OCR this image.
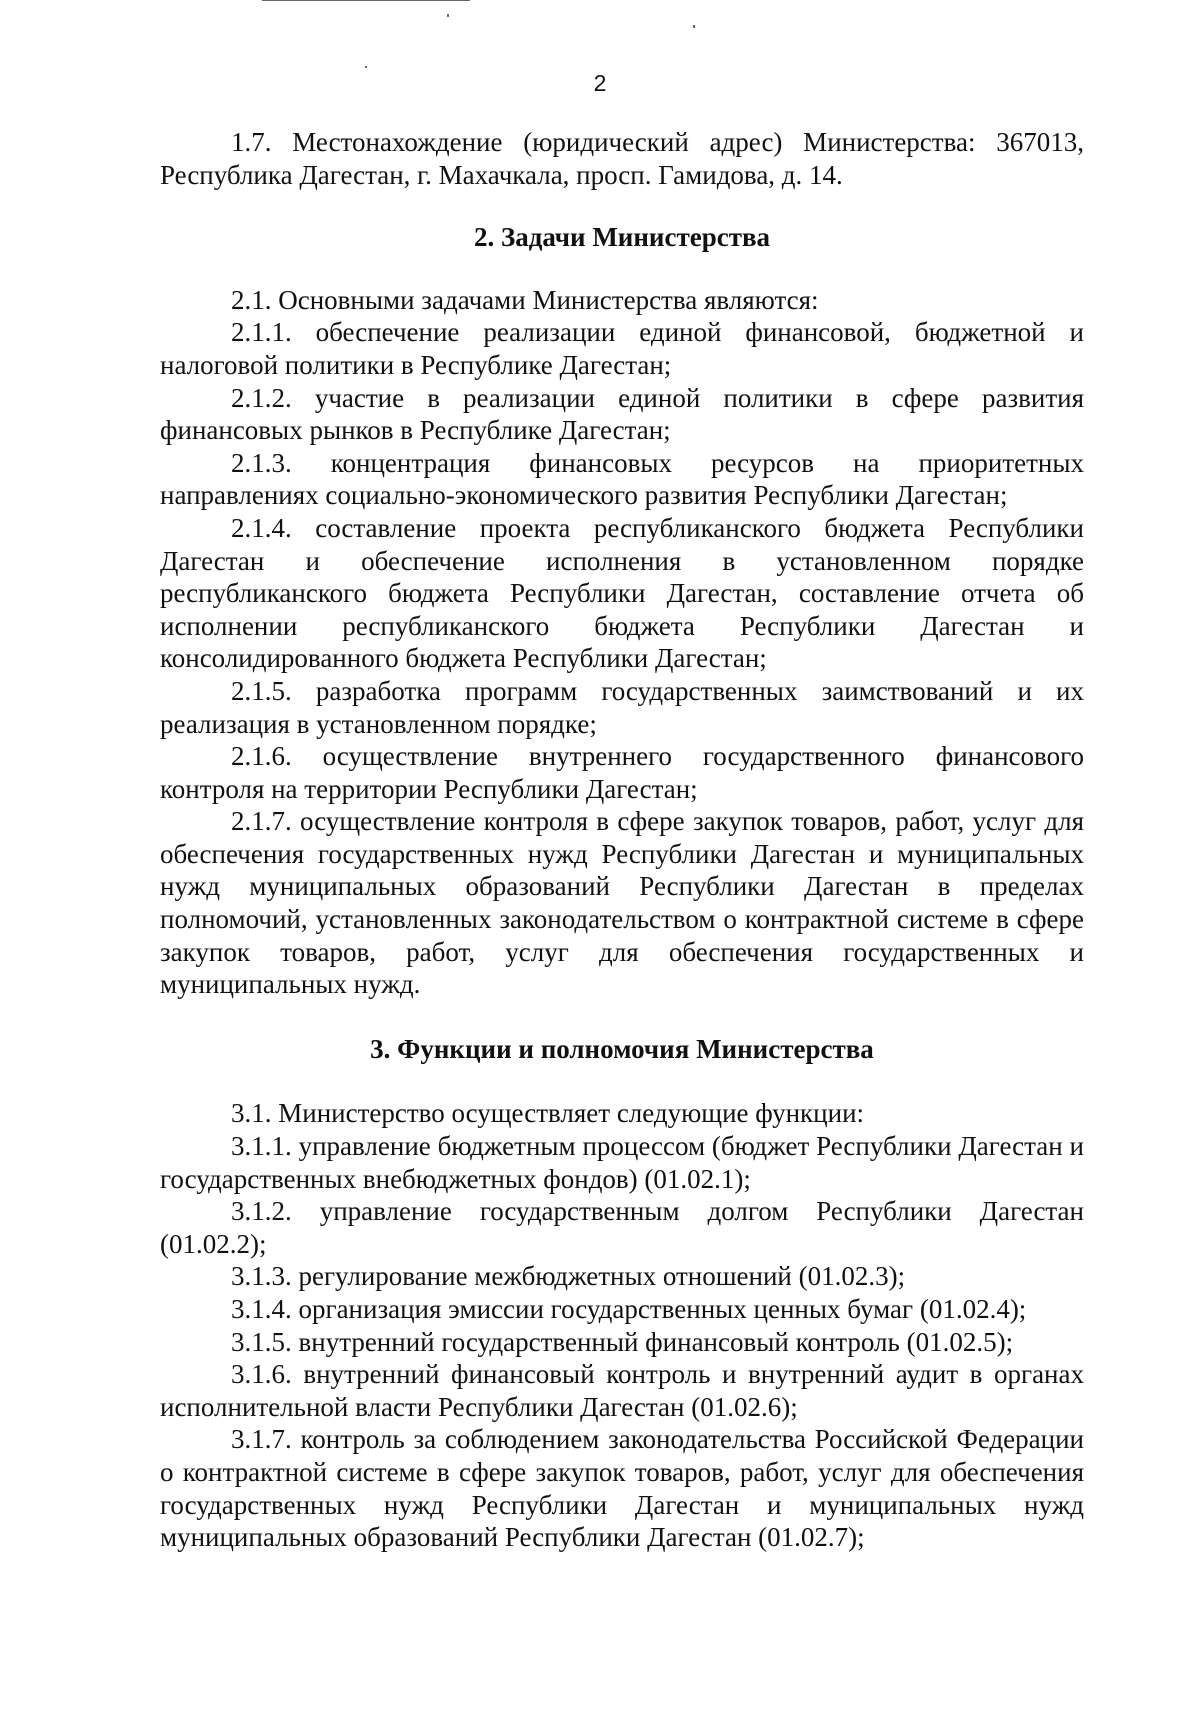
2

1.7. Местонахождение (юридический адрес) Министерства: 367013, Республика Дагестан, г. Махачкала, просп. Гамидова, д. 14.

2. Задачи Министерства

2.1. Основными задачами Министерства являются:

2.1.1. обеспечение реализации единой финансовой, бюджетной и налоговой политики в Республике Дагестан;

2.1.2. участие в реализации единой политики в сфере развития финансовых рынков в Республике Дагестан;

2.1.3. концентрация финансовых ресурсов на приоритетных направлениях социально-экономического развития Республики Дагестан;

2.1.4. составление проекта республиканского бюджета Республики Дагестан и обеспечение исполнения в установленном порядке республиканского бюджета Республики Дагестан, составление отчета об исполнении республиканского бюджета Республики Дагестан и консолидированного бюджета Республики Дагестан;

2.1.5. разработка программ государственных заимствований и их реализация в установленном порядке;

2.1.6. осуществление внутреннего государственного финансового контроля на территории Республики Дагестан;

2.1.7. осуществление контроля в сфере закупок товаров, работ, услуг для обеспечения государственных нужд Республики Дагестан и муниципальных нужд муниципальных образований Республики Дагестан в пределах полномочий, установленных законодательством о контрактной системе в сфере закупок товаров, работ, услуг для обеспечения государственных и муниципальных нужд.

3. Функции и полномочия Министерства

3.1. Министерство осуществляет следующие функции:

3.1.1. управление бюджетным процессом (бюджет Республики Дагестан и государственных внебюджетных фондов) (01.02.1);

3.1.2. управление государственным долгом Республики Дагестан (01.02.2);

3.1.3. регулирование межбюджетных отношений (01.02.3);

3.1.4. организация эмиссии государственных ценных бумаг (01.02.4);

3.1.5. внутренний государственный финансовый контроль (01.02.5);

3.1.6. внутренний финансовый контроль и внутренний аудит в органах исполнительной власти Республики Дагестан (01.02.6);

3.1.7. контроль за соблюдением законодательства Российской Федерации о контрактной системе в сфере закупок товаров, работ, услуг для обеспечения государственных нужд Республики Дагестан и муниципальных нужд муниципальных образований Республики Дагестан (01.02.7);
